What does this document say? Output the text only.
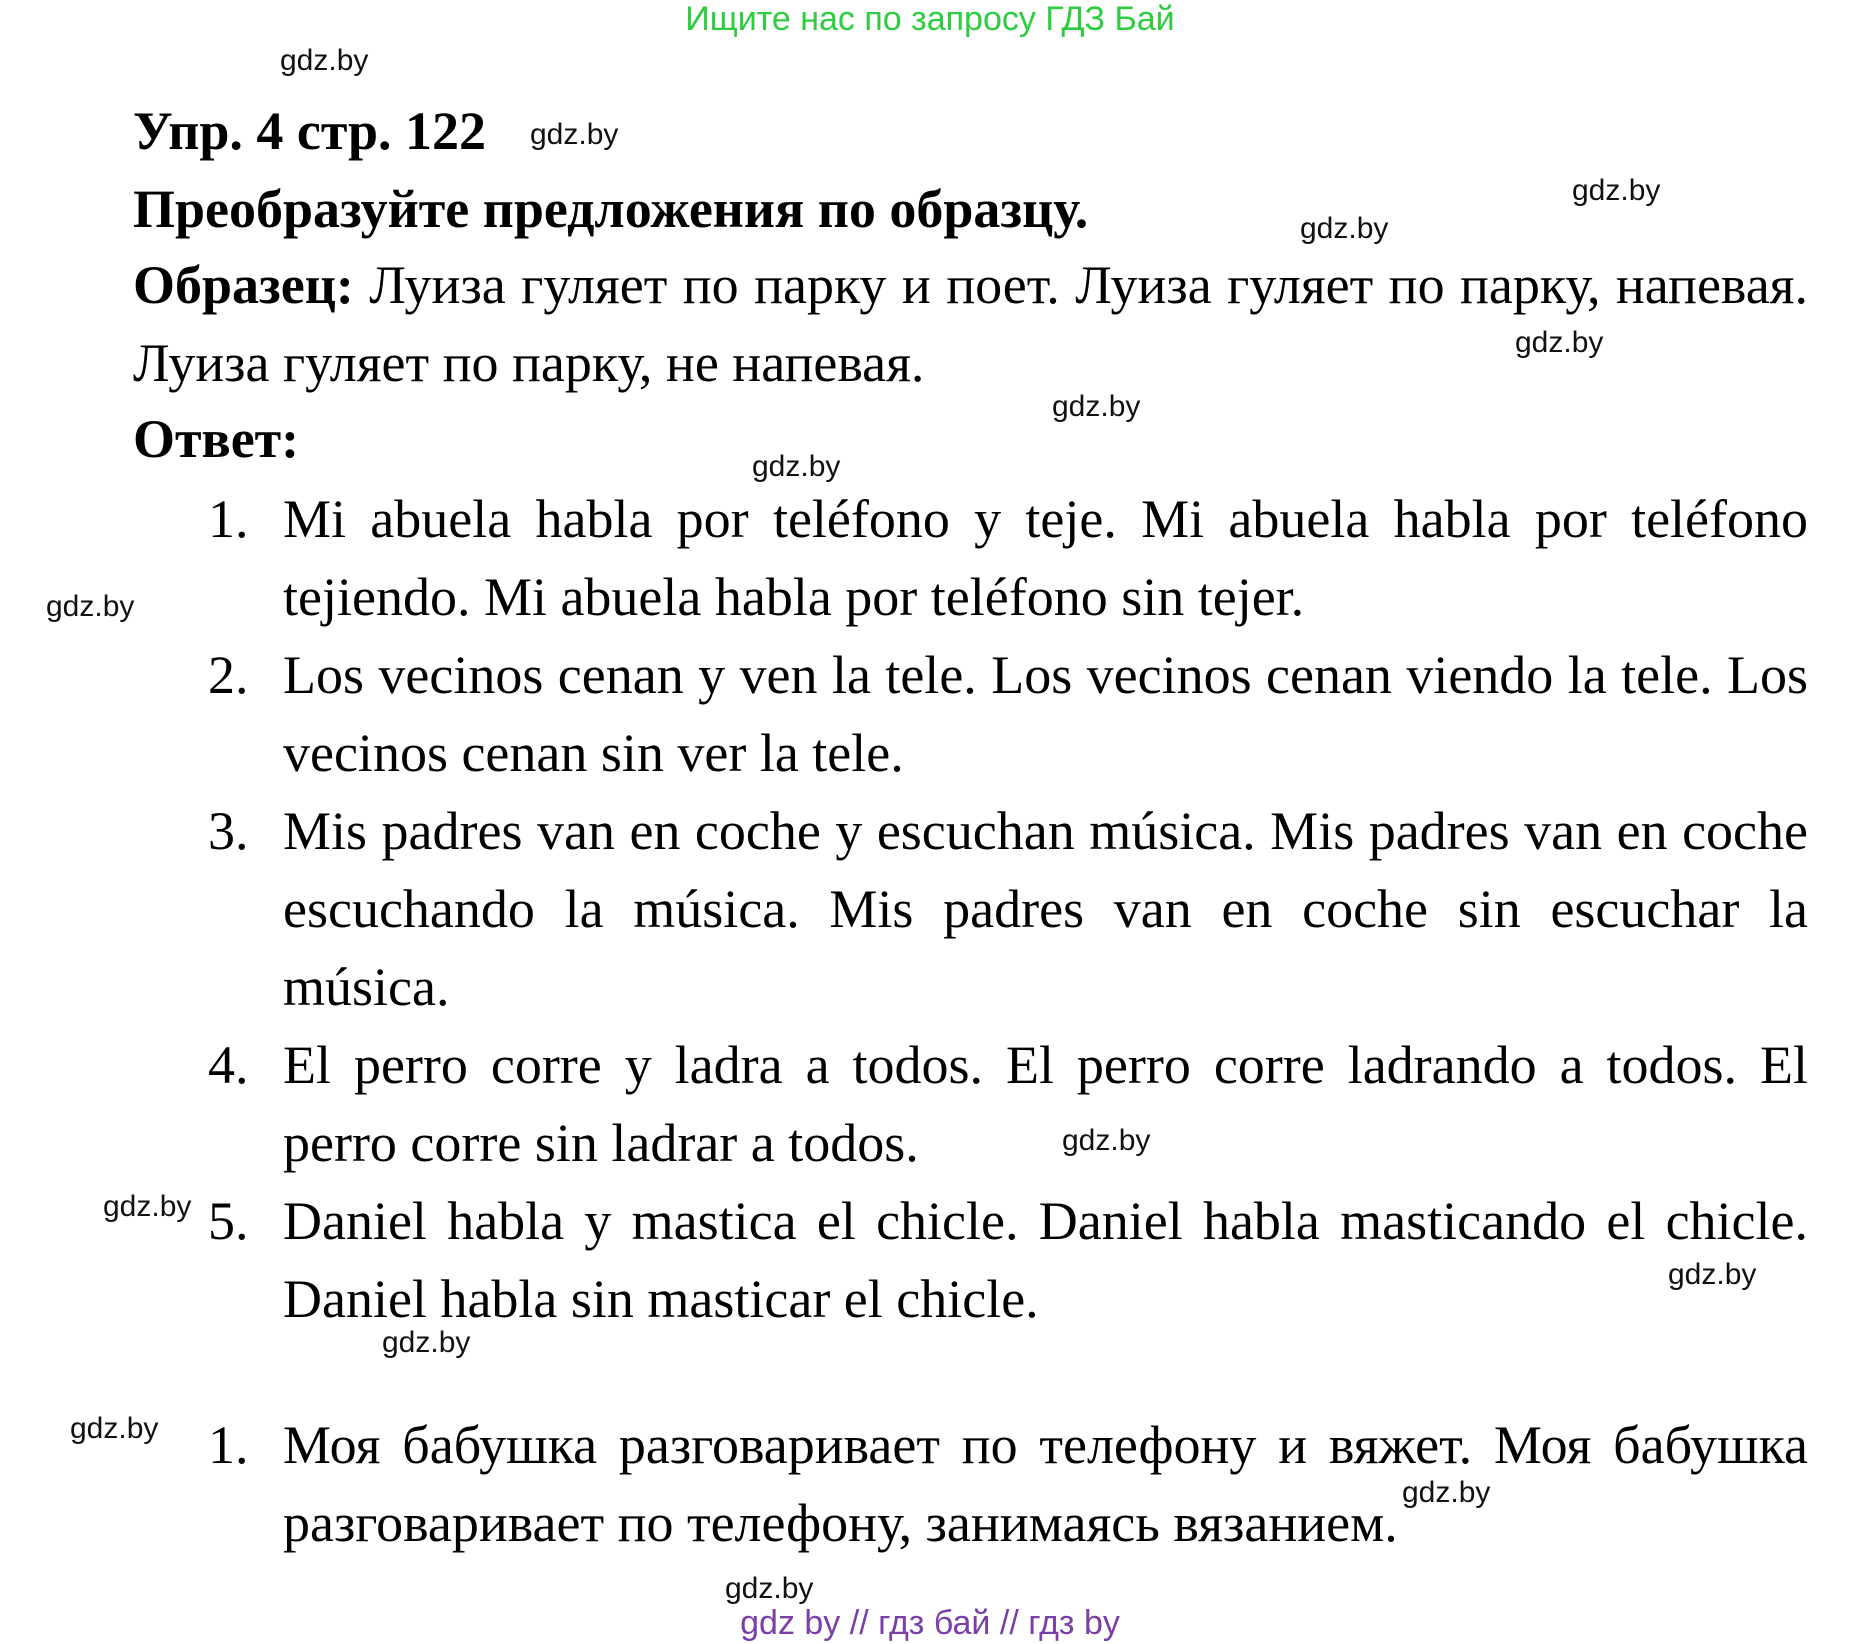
Ищите нас по запросу ГДЗ Бай
Упр. 4 стр. 122
Преобразуйте предложения по образцу.
Образец: Луиза гуляет по парку и поет. Луиза гуляет по парку, напевая. Луиза гуляет по парку, не напевая.
Ответ:
1. Mi abuela habla por teléfono y teje. Mi abuela habla por teléfono tejiendo. Mi abuela habla por teléfono sin tejer.
2. Los vecinos cenan y ven la tele. Los vecinos cenan viendo la tele. Los vecinos cenan sin ver la tele.
3. Mis padres van en coche y escuchan música. Mis padres van en coche escuchando la música. Mis padres van en coche sin escuchar la música.
4. El perro corre y ladra a todos. El perro corre ladrando a todos. El perro corre sin ladrar a todos.
5. Daniel habla y mastica el chicle. Daniel habla masticando el chicle. Daniel habla sin masticar el chicle.
1. Моя бабушка разговаривает по телефону и вяжет. Моя бабушка разговаривает по телефону, занимаясь вязанием.
gdz.by
gdz.by
gdz.by
gdz.by
gdz.by
gdz.by
gdz.by
gdz.by
gdz.by
gdz.by
gdz.by
gdz.by
gdz.by
gdz.by
gdz.by
gdz by // гдз бай // гдз by
